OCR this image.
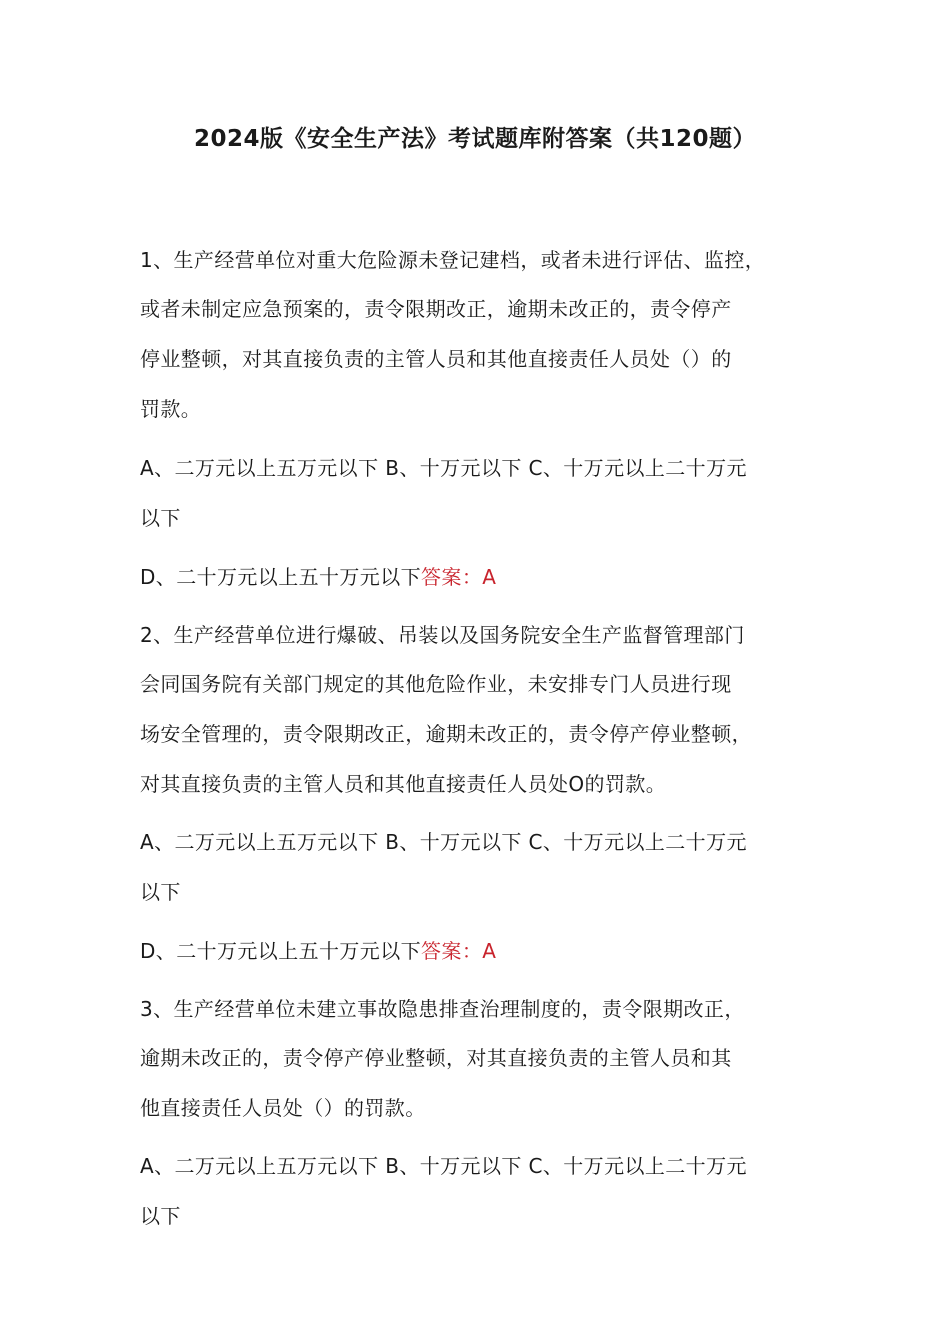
2024版《安全生产法》考试题库附答案（共120题）
1、生产经营单位对重大危险源未登记建档，或者未进行评估、监控，
或者未制定应急预案的，责令限期改正，逾期未改正的，责令停产
停业整顿，对其直接负责的主管人员和其他直接责任人员处（）的
罚款。
A、二万元以上五万元以下 B、十万元以下 C、十万元以上二十万元
以下
D、二十万元以上五十万元以下答案：A
2、生产经营单位进行爆破、吊装以及国务院安全生产监督管理部门
会同国务院有关部门规定的其他危险作业，未安排专门人员进行现
场安全管理的，责令限期改正，逾期未改正的，责令停产停业整顿，
对其直接负责的主管人员和其他直接责任人员处O的罚款。
A、二万元以上五万元以下 B、十万元以下 C、十万元以上二十万元
以下
D、二十万元以上五十万元以下答案：A
3、生产经营单位未建立事故隐患排查治理制度的，责令限期改正，
逾期未改正的，责令停产停业整顿，对其直接负责的主管人员和其
他直接责任人员处（）的罚款。
A、二万元以上五万元以下 B、十万元以下 C、十万元以上二十万元
以下
